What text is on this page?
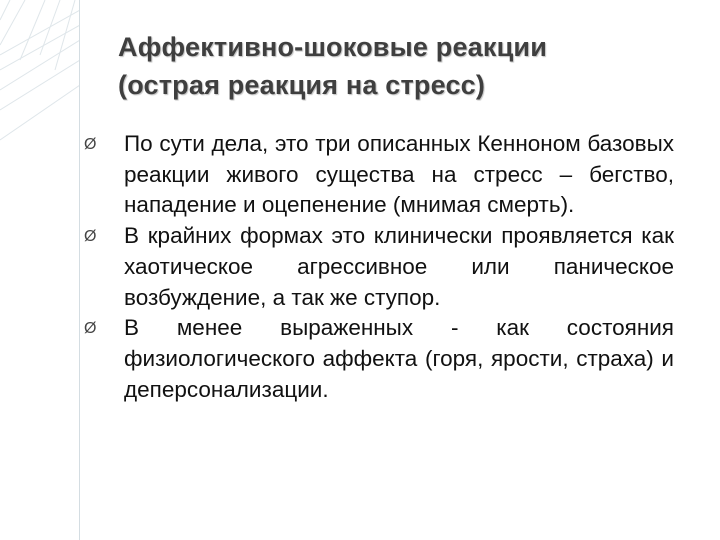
Аффективно-шоковые реакции
(острая реакция на стресс)
Ø По сути дела, это три описанных Кенноном базовых реакции живого существа на стресс – бегство, нападение и оцепенение (мнимая смерть).
Ø В крайних формах это клинически проявляется как хаотическое агрессивное или паническое возбуждение, а так же ступор.
Ø В менее выраженных - как состояния физиологического аффекта (горя, ярости, страха) и деперсонализации.
